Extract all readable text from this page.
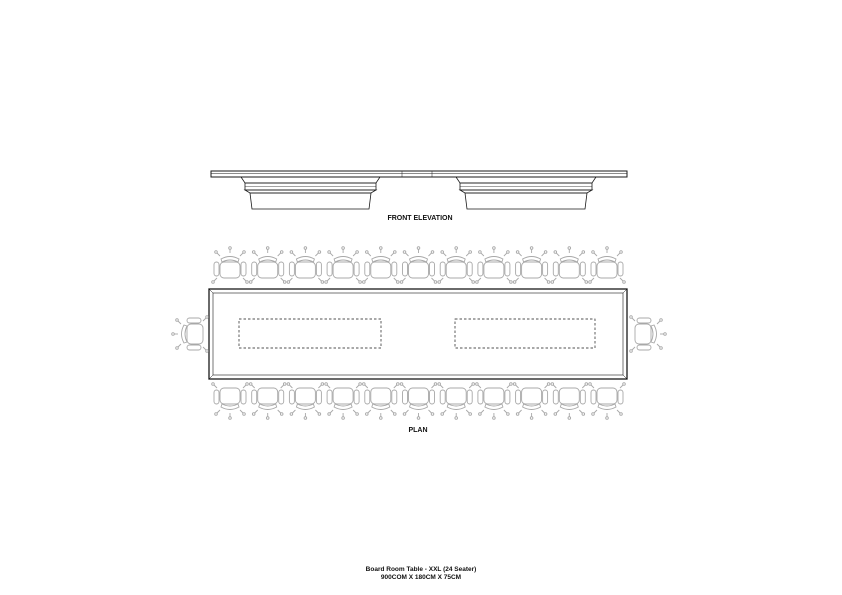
FRONT ELEVATION
PLAN
Board Room Table - XXL (24 Seater)
900COM X 180CM X 75CM
